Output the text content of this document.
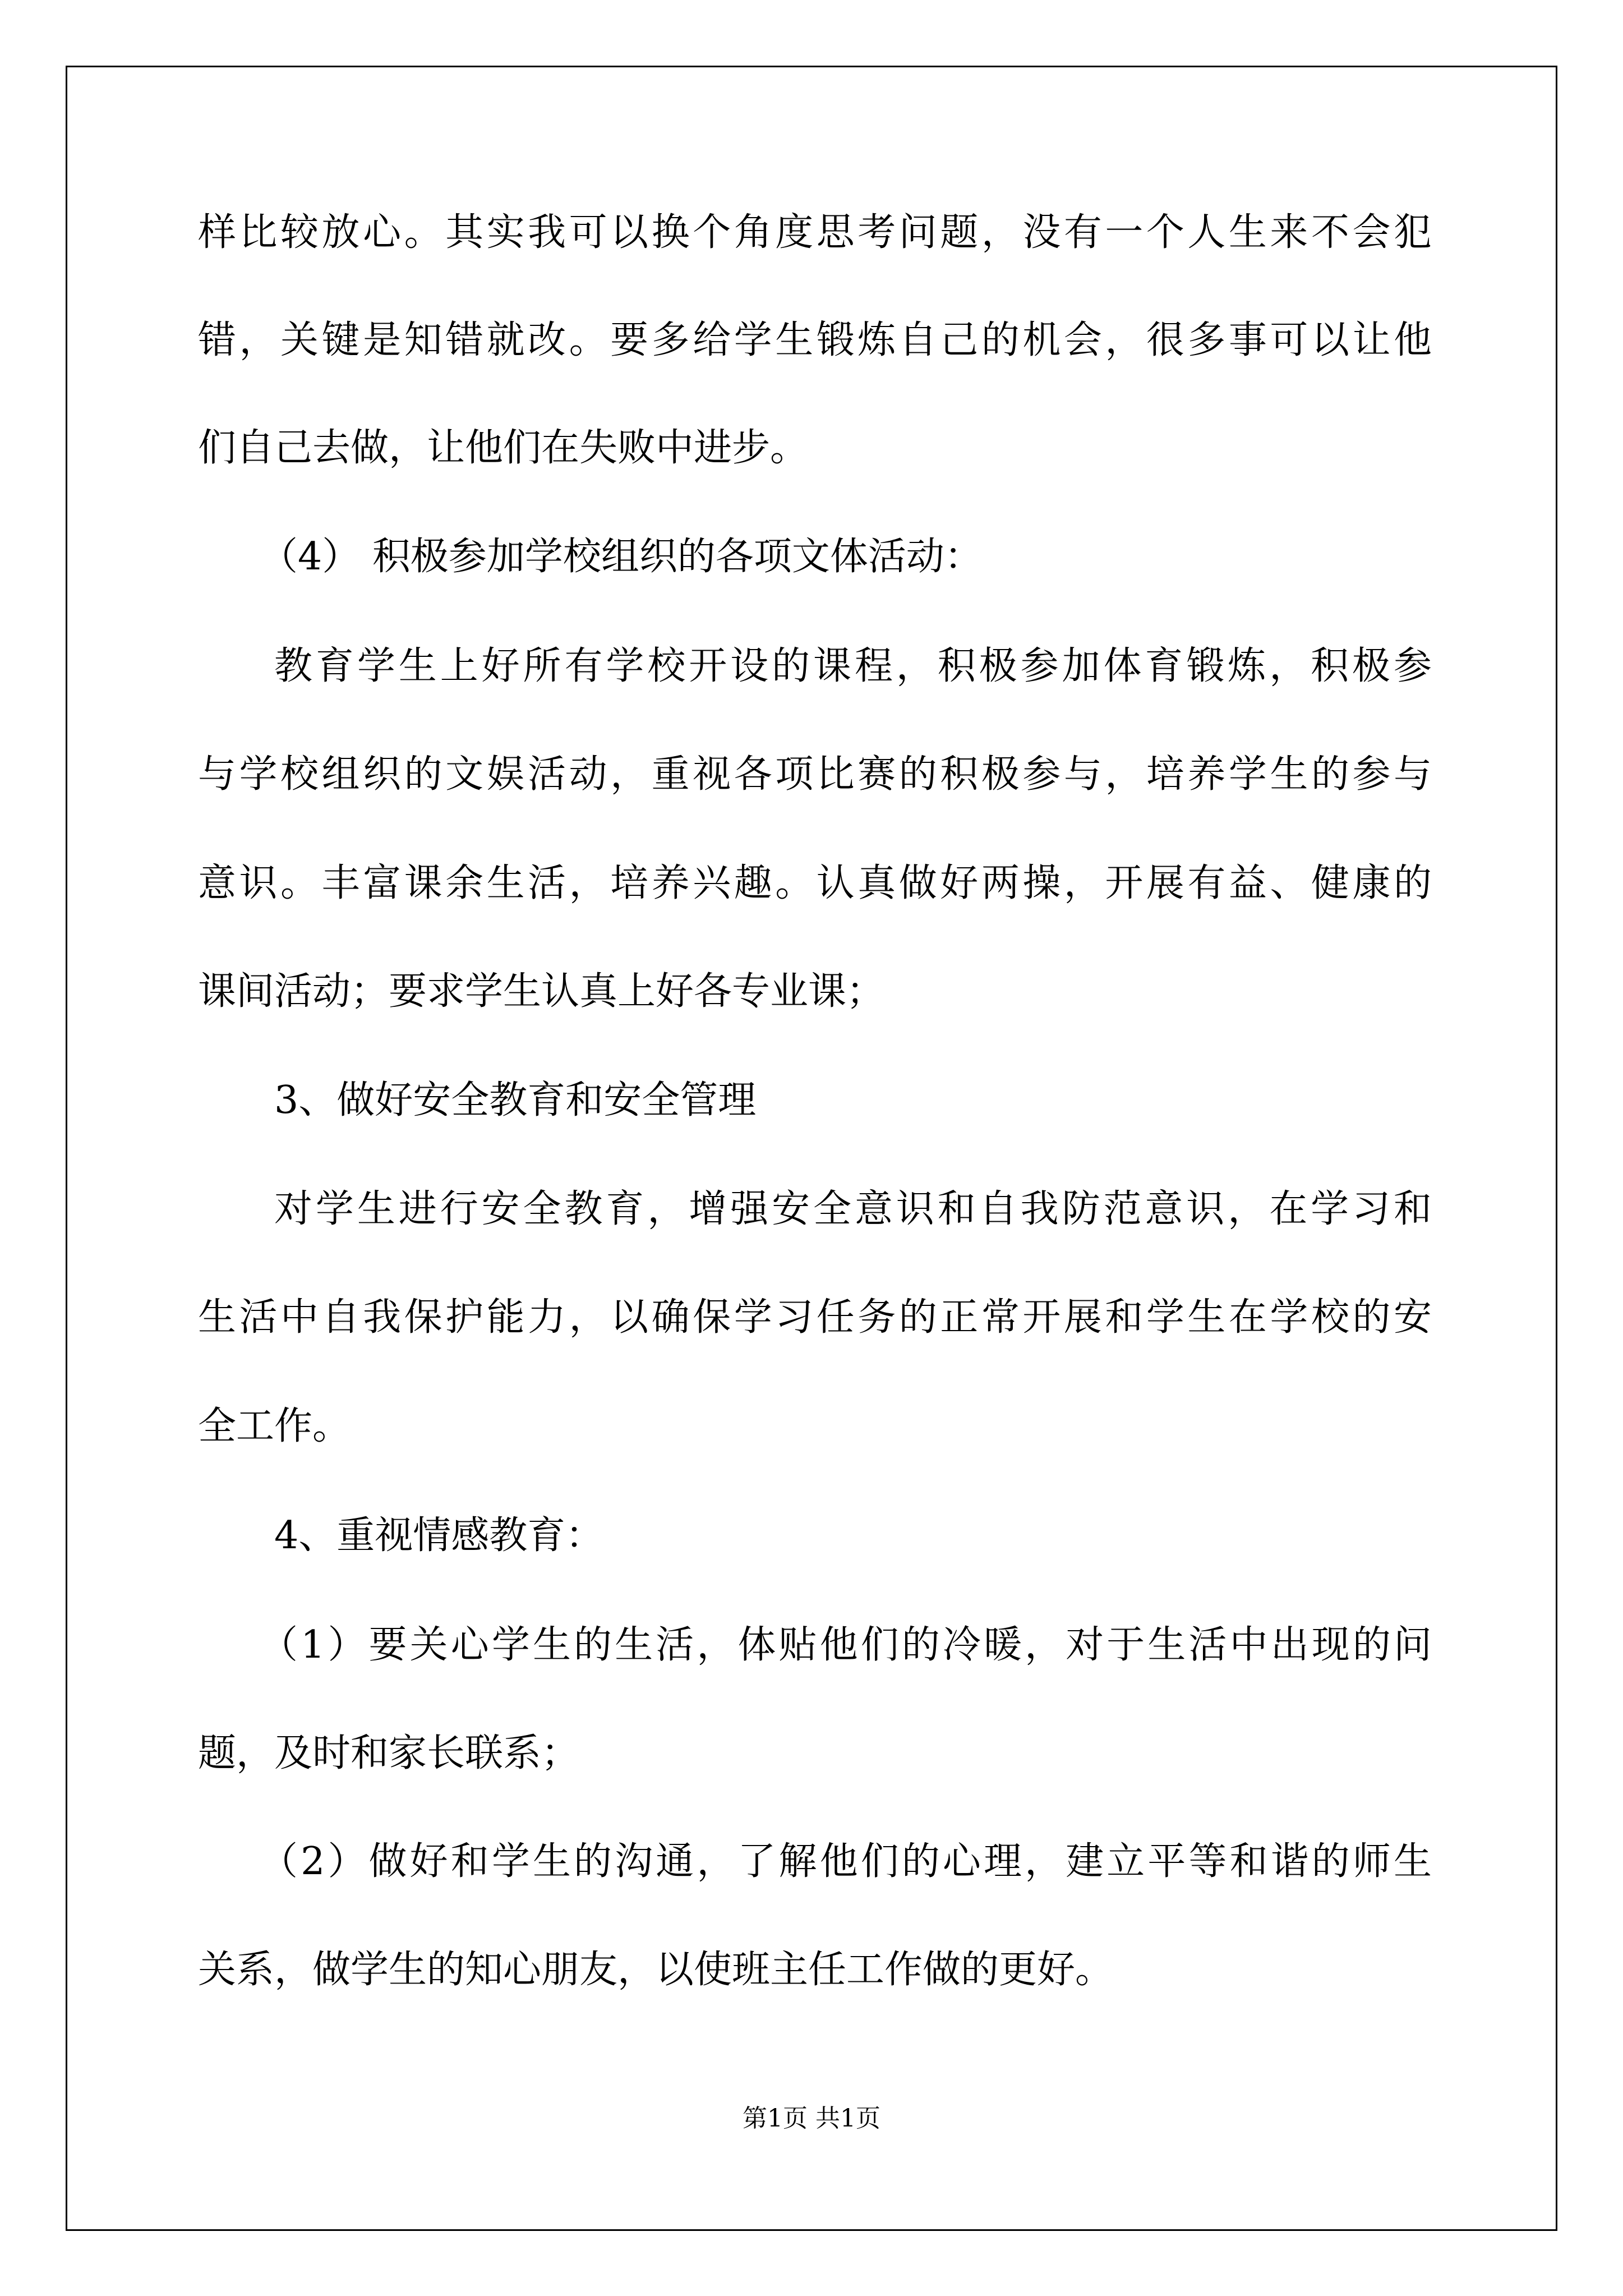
样比较放心。其实我可以换个角度思考问题，没有一个人生来不会犯
错，关键是知错就改。要多给学生锻炼自己的机会，很多事可以让他
们自己去做，让他们在失败中进步。
（4） 积极参加学校组织的各项文体活动：
教育学生上好所有学校开设的课程，积极参加体育锻炼，积极参
与学校组织的文娱活动，重视各项比赛的积极参与，培养学生的参与
意识。丰富课余生活，培养兴趣。认真做好两操，开展有益、健康的
课间活动；要求学生认真上好各专业课；
3、做好安全教育和安全管理
对学生进行安全教育，增强安全意识和自我防范意识，在学习和
生活中自我保护能力，以确保学习任务的正常开展和学生在学校的安
全工作。
4、重视情感教育：
（1）要关心学生的生活，体贴他们的冷暖，对于生活中出现的问
题，及时和家长联系；
（2）做好和学生的沟通，了解他们的心理，建立平等和谐的师生
关系，做学生的知心朋友，以使班主任工作做的更好。
第1页 共1页
